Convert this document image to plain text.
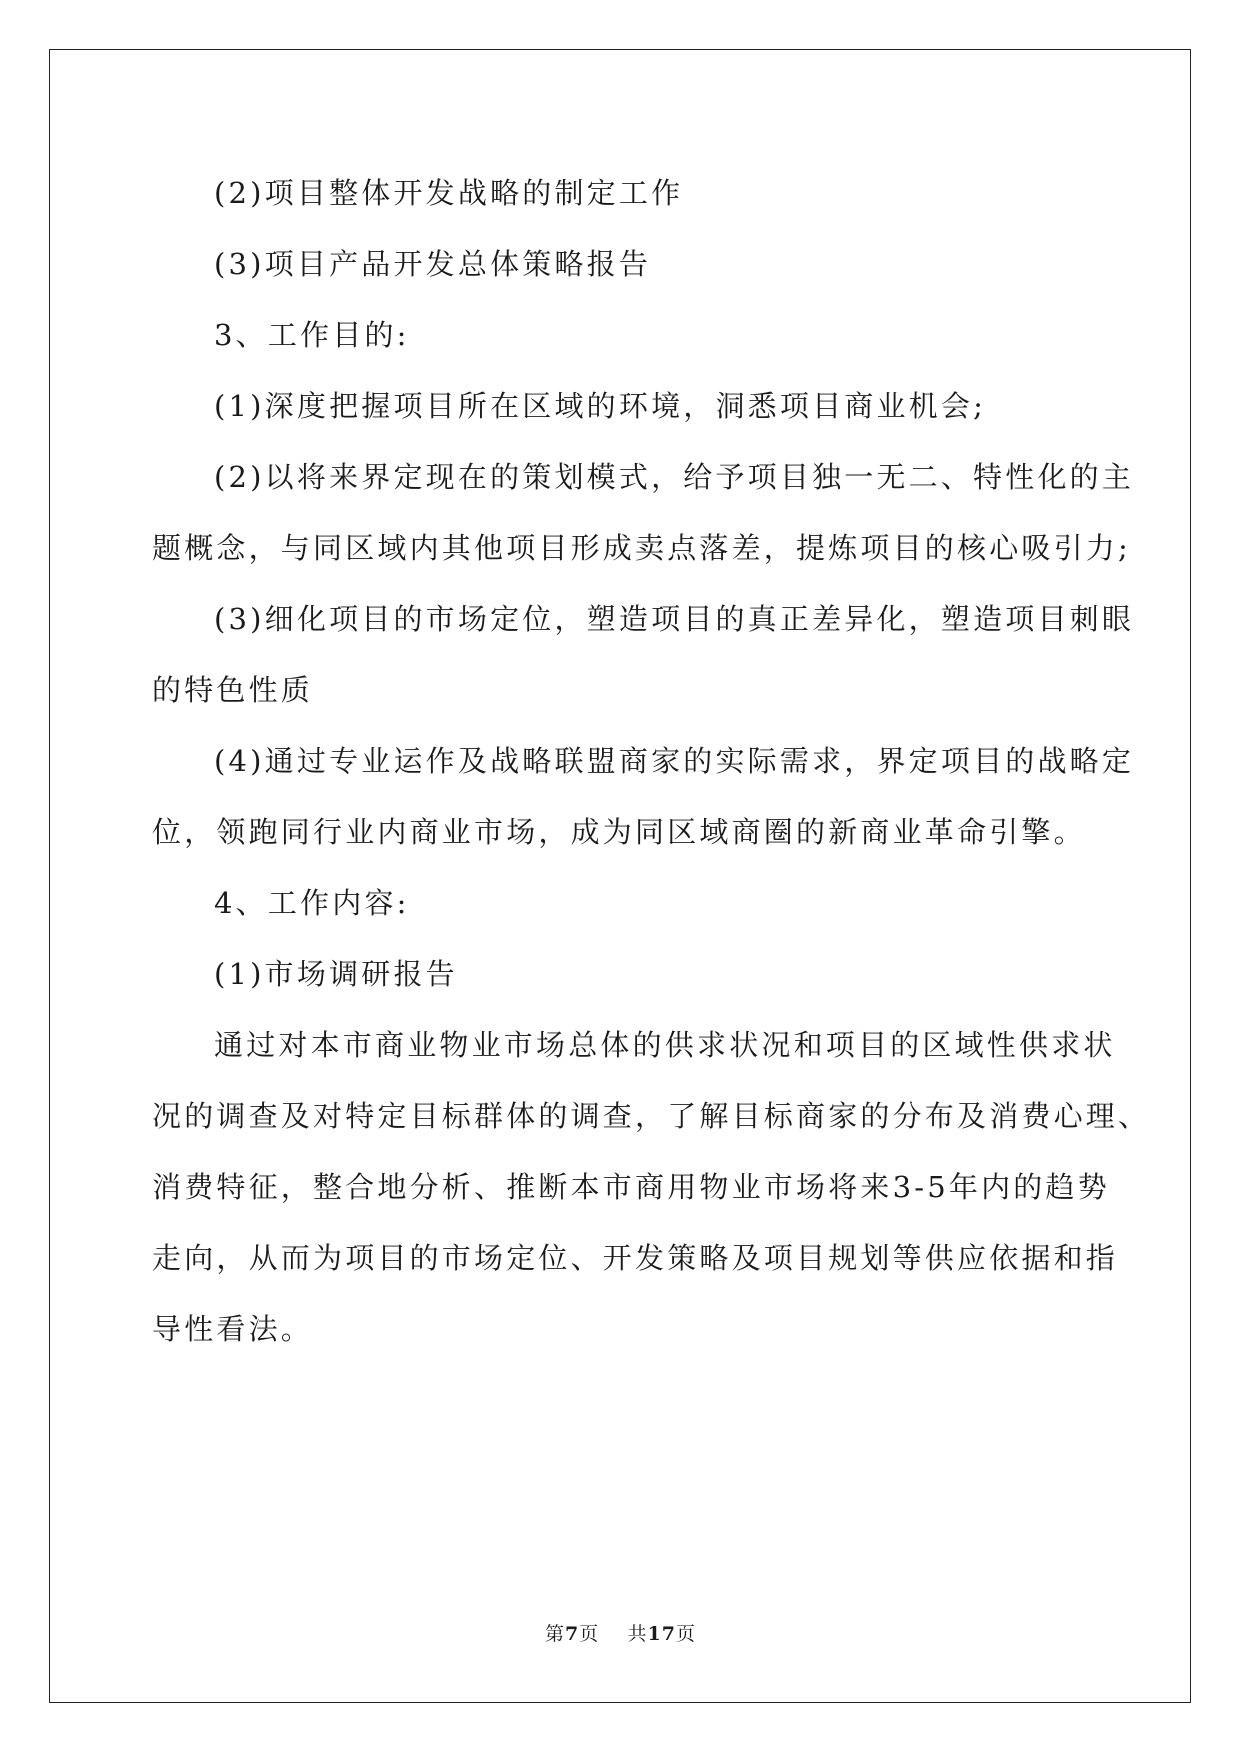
(2)项目整体开发战略的制定工作
(3)项目产品开发总体策略报告
3、工作目的:
(1)深度把握项目所在区域的环境，洞悉项目商业机会;
(2)以将来界定现在的策划模式，给予项目独一无二、特性化的主
题概念，与同区域内其他项目形成卖点落差，提炼项目的核心吸引力;
(3)细化项目的市场定位，塑造项目的真正差异化，塑造项目刺眼
的特色性质
(4)通过专业运作及战略联盟商家的实际需求，界定项目的战略定
位，领跑同行业内商业市场，成为同区域商圈的新商业革命引擎。
4、工作内容:
(1)市场调研报告
通过对本市商业物业市场总体的供求状况和项目的区域性供求状
况的调查及对特定目标群体的调查，了解目标商家的分布及消费心理、
消费特征，整合地分析、推断本市商用物业市场将来3-5年内的趋势
走向，从而为项目的市场定位、开发策略及项目规划等供应依据和指
导性看法。
第7页 共17页
